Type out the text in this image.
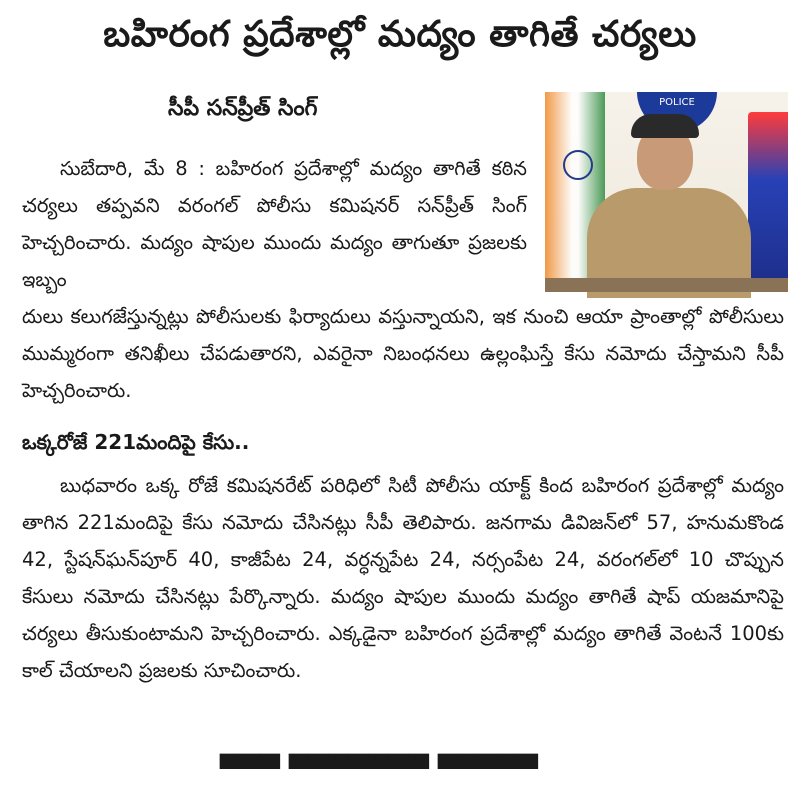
బహిరంగ ప్రదేశాల్లో మద్యం తాగితే చర్యలు
సీపీ సన్‌ప్రీత్ సింగ్	POLICE

సుబేదారి, మే 8 : బహిరంగ ప్రదేశాల్లో మద్యం తాగితే కఠిన చర్యలు తప్పవని వరంగల్ పోలీసు కమిషనర్ సన్‌ప్రీత్ సింగ్ హెచ్చరించారు. మద్యం షాపుల ముందు మద్యం తాగుతూ ప్రజలకు ఇబ్బం

దులు కలుగజేస్తున్నట్లు పోలీసులకు ఫిర్యాదులు వస్తున్నాయని, ఇక నుంచి ఆయా ప్రాంతాల్లో పోలీసులు ముమ్మరంగా తనిఖీలు చేపడుతారని, ఎవరైనా నిబంధనలు ఉల్లంఘిస్తే కేసు నమోదు చేస్తామని సీపీ హెచ్చరించారు.

ఒక్కరోజే 221మందిపై కేసు..

బుధవారం ఒక్క రోజే కమిషనరేట్ పరిధిలో సిటీ పోలీసు యాక్ట్ కింద బహిరంగ ప్రదేశాల్లో మద్యం తాగిన 221మందిపై కేసు నమోదు చేసినట్లు సీపీ తెలిపారు. జనగామ డివిజన్‌లో 57, హనుమకొండ 42, స్టేషన్‌ఘన్‌పూర్ 40, కాజీపేట 24, వర్ధన్నపేట 24, నర్సంపేట 24, వరంగల్‌లో 10 చొప్పున కేసులు నమోదు చేసినట్లు పేర్కొన్నారు. మద్యం షాపుల ముందు మద్యం తాగితే షాప్ యజమానిపై చర్యలు తీసుకుంటామని హెచ్చరించారు. ఎక్కడైనా బహిరంగ ప్రదేశాల్లో మద్యం తాగితే వెంటనే 100కు కాల్ చేయాలని ప్రజలకు సూచించారు.

▀▀▀ ▀▀▀▀▀▀▀ ▀▀▀▀▀
